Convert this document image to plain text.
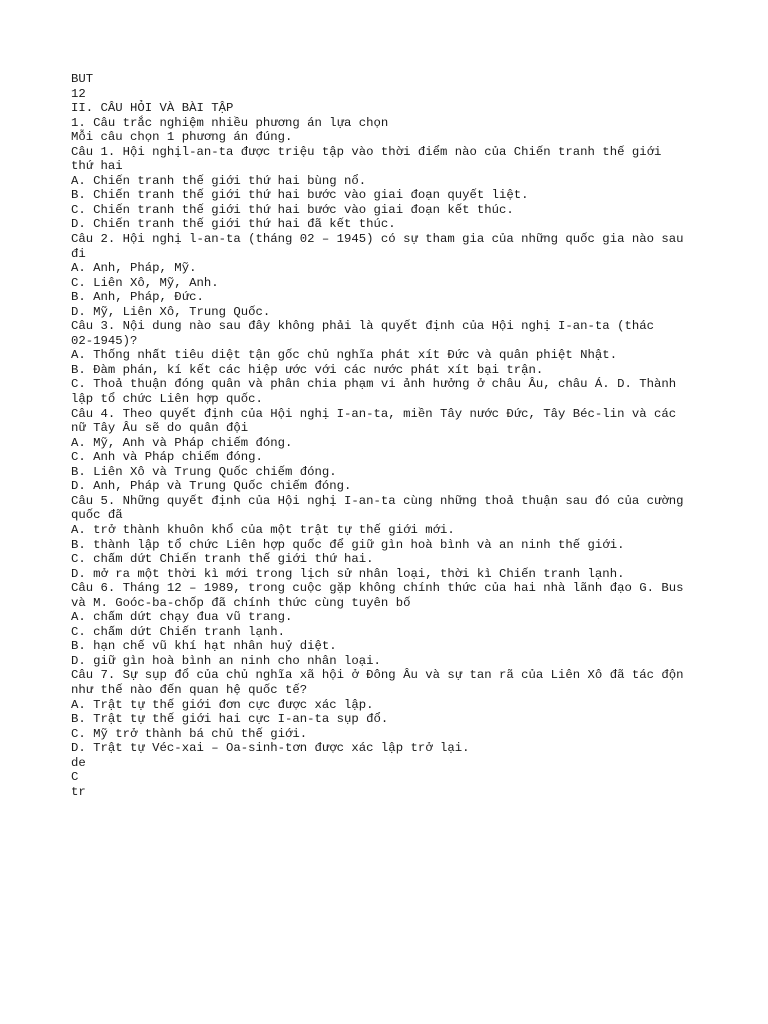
BUT
12
II. CÂU HỎI VÀ BÀI TẬP
1. Câu trắc nghiệm nhiều phương án lựa chọn
Mỗi câu chọn 1 phương án đúng.
Câu 1. Hội nghịl-an-ta được triệu tập vào thời điểm nào của Chiến tranh thế giới
thứ hai
A. Chiến tranh thế giới thứ hai bùng nổ.
B. Chiến tranh thế giới thứ hai bước vào giai đoạn quyết liệt.
C. Chiến tranh thế giới thứ hai bước vào giai đoạn kết thúc.
D. Chiến tranh thế giới thứ hai đã kết thúc.
Câu 2. Hội nghị l-an-ta (tháng 02 – 1945) có sự tham gia của những quốc gia nào sau
đi
A. Anh, Pháp, Mỹ.
C. Liên Xô, Mỹ, Anh.
B. Anh, Pháp, Đức.
D. Mỹ, Liên Xô, Trung Quốc.
Câu 3. Nội dung nào sau đây không phải là quyết định của Hội nghị I-an-ta (thác
02-1945)?
A. Thống nhất tiêu diệt tận gốc chủ nghĩa phát xít Đức và quân phiệt Nhật.
B. Đàm phán, kí kết các hiệp ước với các nước phát xít bại trận.
C. Thoả thuận đóng quân và phân chia phạm vi ảnh hưởng ở châu Âu, châu Á. D. Thành
lập tổ chức Liên hợp quốc.
Câu 4. Theo quyết định của Hội nghị I-an-ta, miền Tây nước Đức, Tây Béc-lin và các
nữ Tây Âu sẽ do quân đội
A. Mỹ, Anh và Pháp chiếm đóng.
C. Anh và Pháp chiếm đóng.
B. Liên Xô và Trung Quốc chiếm đóng.
D. Anh, Pháp và Trung Quốc chiếm đóng.
Câu 5. Những quyết định của Hội nghị I-an-ta cùng những thoả thuận sau đó của cường
quốc đã
A. trở thành khuôn khổ của một trật tự thế giới mới.
B. thành lập tổ chức Liên hợp quốc để giữ gìn hoà bình và an ninh thế giới.
C. chấm dứt Chiến tranh thế giới thứ hai.
D. mở ra một thời kì mới trong lịch sử nhân loại, thời kì Chiến tranh lạnh.
Câu 6. Tháng 12 – 1989, trong cuộc gặp không chính thức của hai nhà lãnh đạo G. Bus
và M. Goóc-ba-chốp đã chính thức cùng tuyên bố
A. chấm dứt chạy đua vũ trang.
C. chấm dứt Chiến tranh lạnh.
B. hạn chế vũ khí hạt nhân huỷ diệt.
D. giữ gìn hoà bình an ninh cho nhân loại.
Câu 7. Sự sụp đổ của chủ nghĩa xã hội ở Đông Âu và sự tan rã của Liên Xô đã tác độn
như thế nào đến quan hệ quốc tế?
A. Trật tự thế giới đơn cực được xác lập.
B. Trật tự thế giới hai cực I-an-ta sụp đổ.
C. Mỹ trở thành bá chủ thế giới.
D. Trật tự Véc-xai – Oa-sinh-tơn được xác lập trở lại.
de
C
tr
